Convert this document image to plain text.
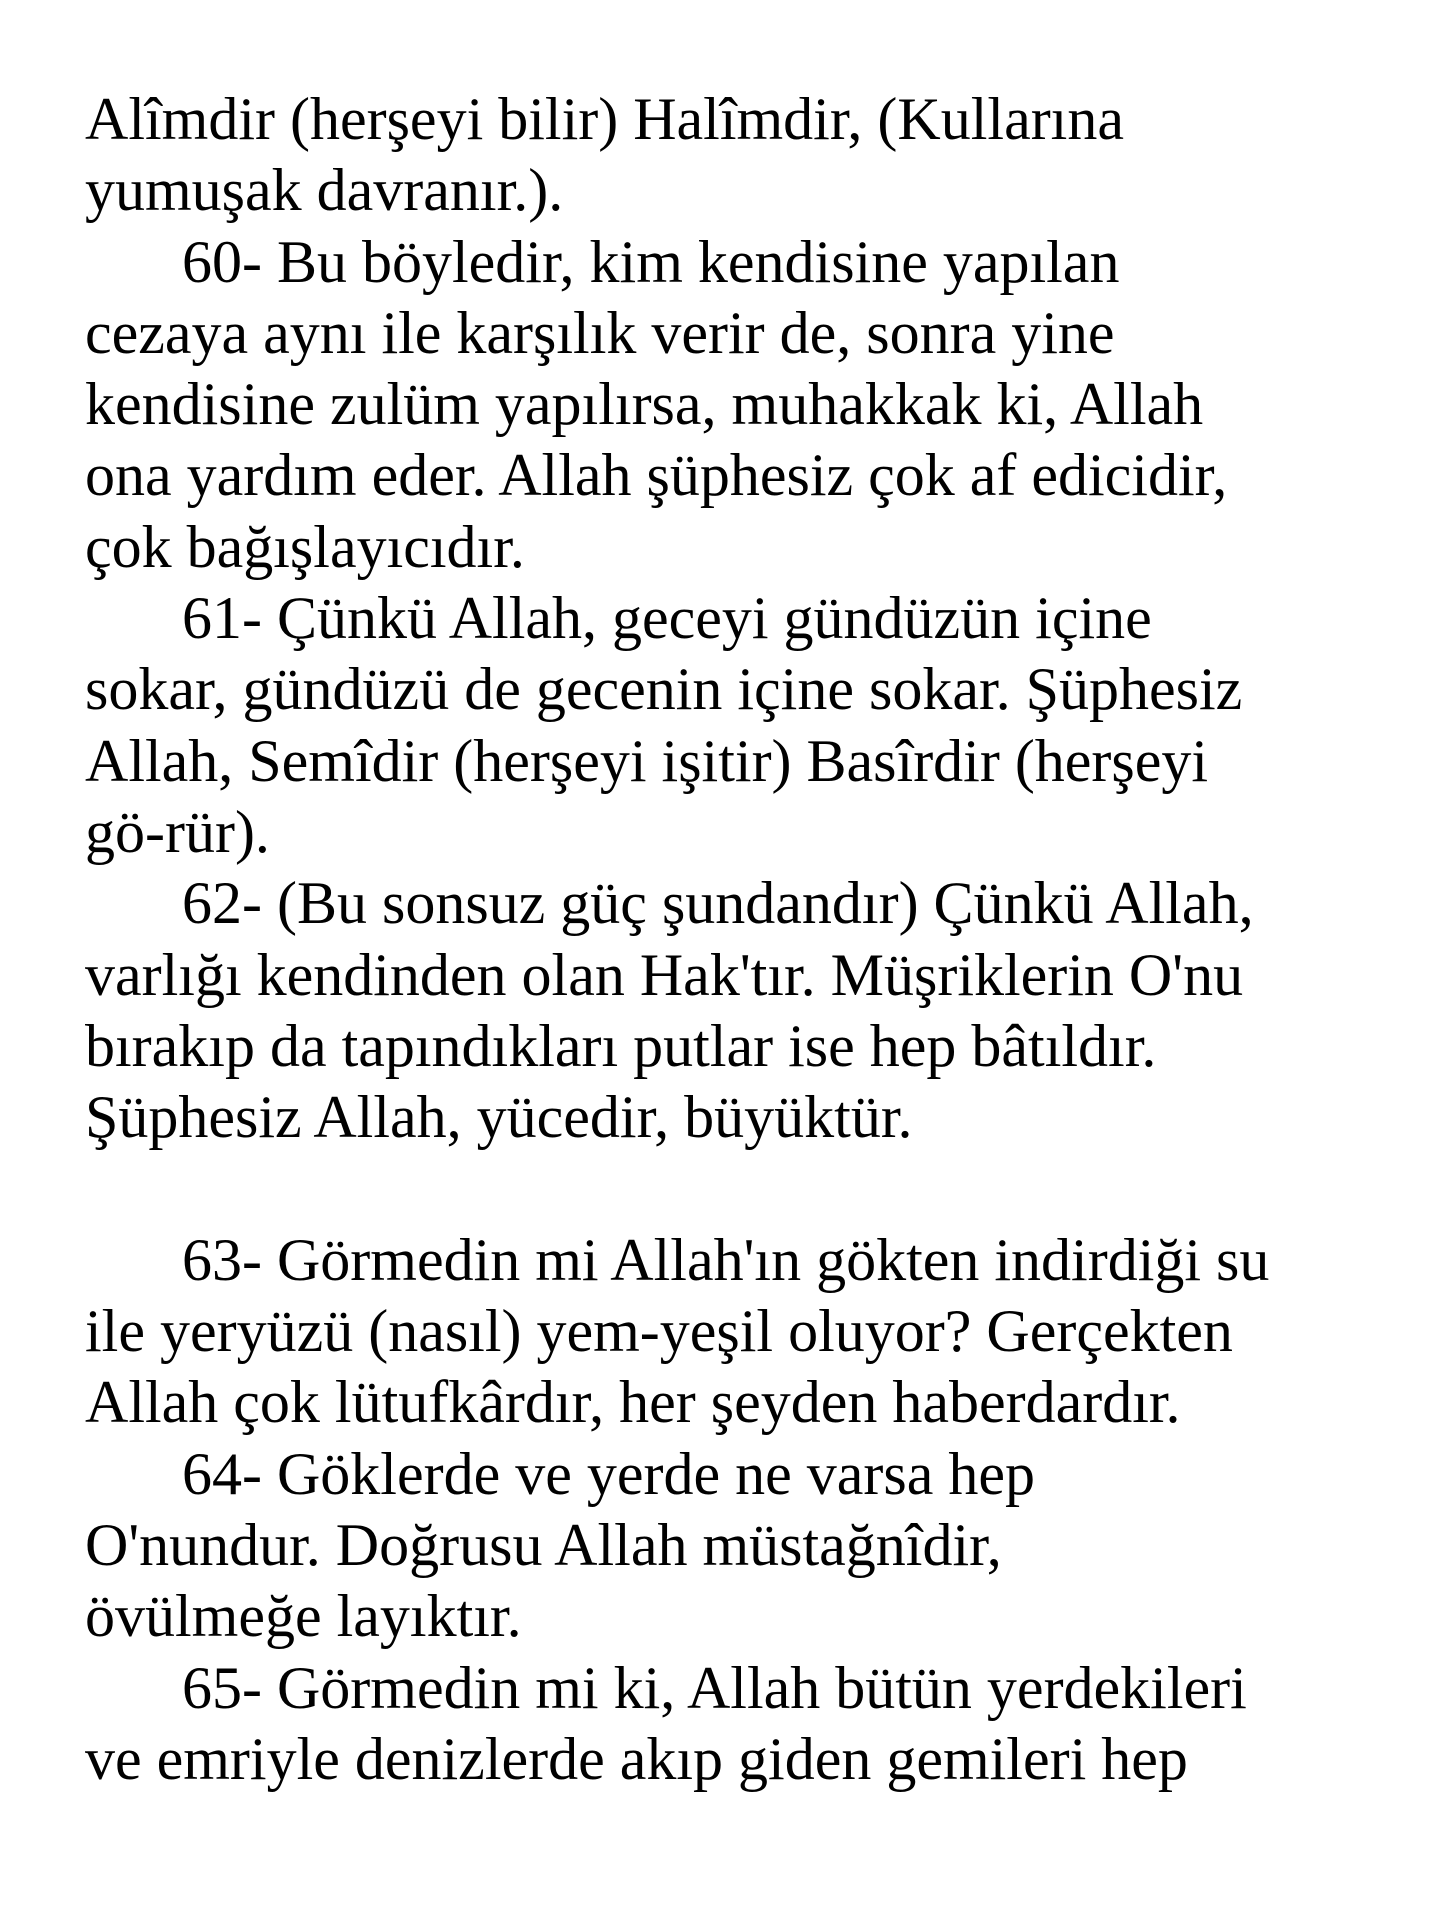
Alîmdir (herşeyi bilir) Halîmdir, (Kullarına
yumuşak davranır.).
60- Bu böyledir, kim kendisine yapılan
cezaya aynı ile karşılık verir de, sonra yine
kendisine zulüm yapılırsa, muhakkak ki, Allah
ona yardım eder. Allah şüphesiz çok af edicidir,
çok bağışlayıcıdır.
61- Çünkü Allah, geceyi gündüzün içine
sokar, gündüzü de gecenin içine sokar. Şüphesiz
Allah, Semîdir (herşeyi işitir) Basîrdir (herşeyi
gö-rür).
62- (Bu sonsuz güç şundandır) Çünkü Allah,
varlığı kendinden olan Hak'tır. Müşriklerin O'nu
bırakıp da tapındıkları putlar ise hep bâtıldır.
Şüphesiz Allah, yücedir, büyüktür.
63- Görmedin mi Allah'ın gökten indirdiği su
ile yeryüzü (nasıl) yem-yeşil oluyor? Gerçekten
Allah çok lütufkârdır, her şeyden haberdardır.
64- Göklerde ve yerde ne varsa hep
O'nundur. Doğrusu Allah müstağnîdir,
övülmeğe layıktır.
65- Görmedin mi ki, Allah bütün yerdekileri
ve emriyle denizlerde akıp giden gemileri hep
